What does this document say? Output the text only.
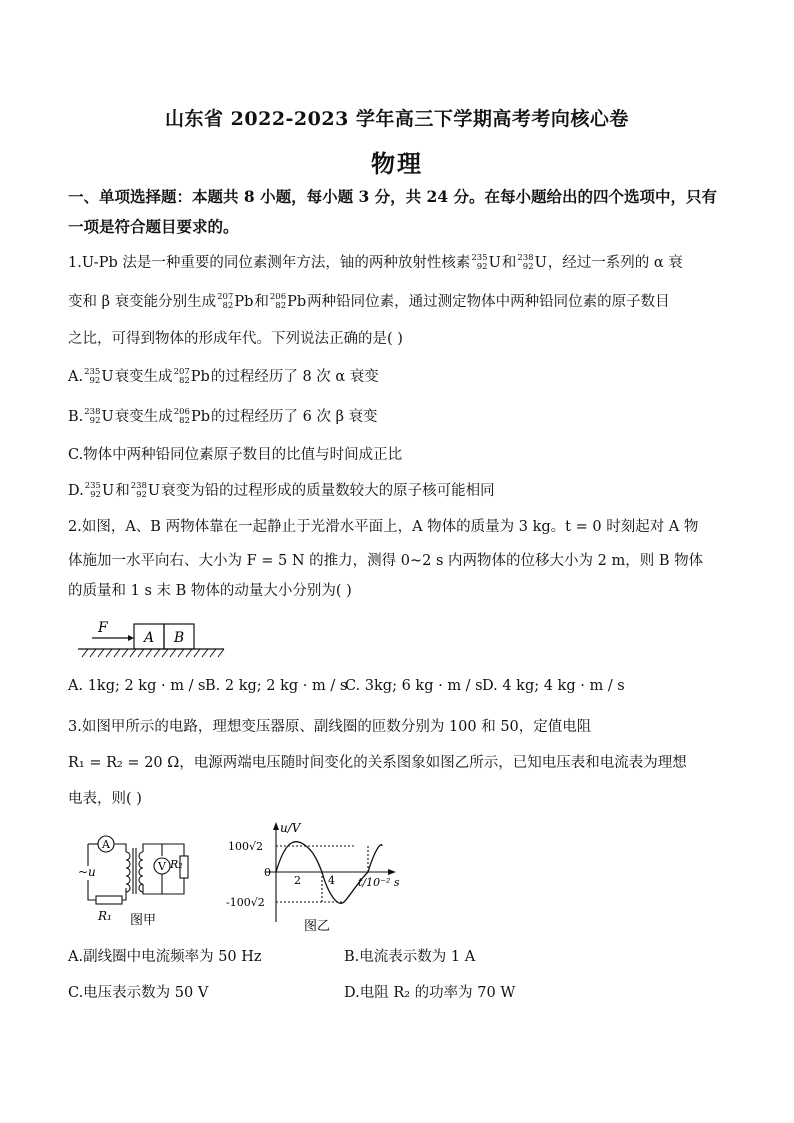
山东省 2022-2023 学年高三下学期高考考向核心卷
物理
一、单项选择题：本题共 8 小题，每小题 3 分，共 24 分。在每小题给出的四个选项中，只有
一项是符合题目要求的。
1.U-Pb 法是一种重要的同位素测年方法，铀的两种放射性核素 235
92 U和 238
92 U，经过一系列的 α 衰
变和 β 衰变能分别生成 207
82 Pb和 206
82 Pb两种铅同位素，通过测定物体中两种铅同位素的原子数目
之比，可得到物体的形成年代。下列说法正确的是( )
A. 235
92 U衰变生成 207
82 Pb的过程经历了 8 次 α 衰变
B. 238
92 U衰变生成 206
82 Pb的过程经历了 6 次 β 衰变
C.物体中两种铅同位素原子数目的比值与时间成正比
D. 235
92 U和 238
92 U衰变为铅的过程形成的质量数较大的原子核可能相同
2.如图，A、B 两物体靠在一起静止于光滑水平面上，A 物体的质量为 3 kg。t = 0 时刻起对 A 物
体施加一水平向右、大小为 F = 5 N 的推力，测得 0~2 s 内两物体的位移大小为 2 m，则 B 物体
的质量和 1 s 末 B 物体的动量大小分别为( )
F
A B
A. 1kg; 2 kg · m / s B. 2 kg; 2 kg · m / s
C. 3kg; 6 kg · m / s D. 4 kg; 4 kg · m / s
3.如图甲所示的电路，理想变压器原、副线圈的匝数分别为 100 和 50，定值电阻
R₁ = R₂ = 20 Ω，电源两端电压随时间变化的关系图象如图乙所示，已知电压表和电流表为理想
电表，则( )
A
V
~u
R₁
R₂
图甲
u/V
100√2
-100√2
0
2 4 t/10⁻² s
图乙
A.副线圈中电流频率为 50 Hz	B.电流表示数为 1 A
C.电压表示数为 50 V	D.电阻 R₂ 的功率为 70 W
